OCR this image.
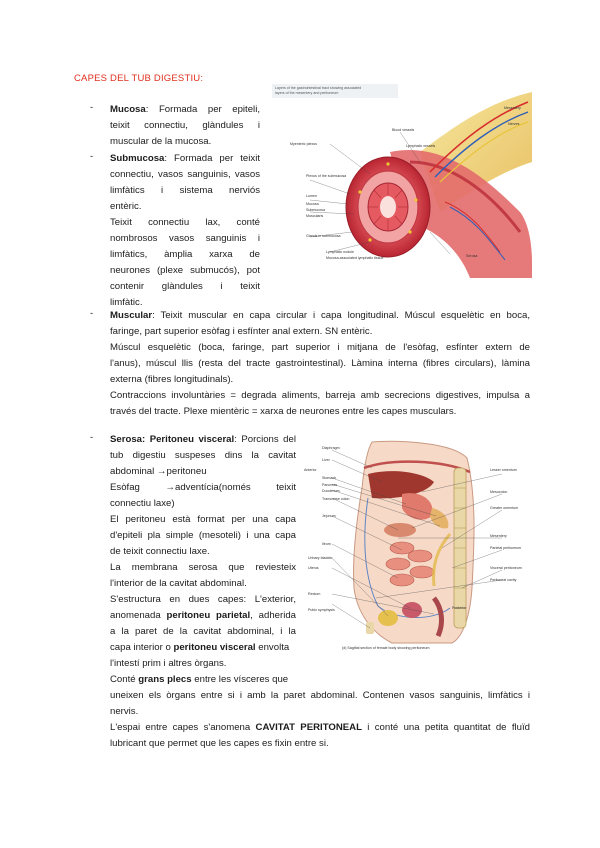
CAPES DEL TUB DIGESTIU:
- Mucosa: Formada per epiteli,
teixit connectiu, glàndules i
muscular de la mucosa.
- Submucosa: Formada per teixit
connectiu, vasos sanguinis, vasos
limfàtics i sistema nerviós
entèric.
Teixit connectiu lax, conté
nombrosos vasos sanguinis i
limfàtics, àmplia xarxa de
neurones (plexe submucós), pot
contenir glàndules i teixit
limfàtic.
Layers of the gastrointestinal tract showing associated
layers of the mesentery and peritoneum
Mesentery
Blood vessels
Nerves
Lymphatic vessels
Mucosa
Submucosa
Muscularis
Serosa
Plexus of the submucosa
Myenteric plexus
Lumen
Glands in submucosa
Lymphatic nodule
Mucosa-associated lymphatic tissue
- Muscular: Teixit muscular en capa circular i capa longitudinal. Múscul esquelètic en boca,
faringe, part superior esòfag i esfínter anal extern. SN entèric.
Múscul esquelètic (boca, faringe, part superior i mitjana de l'esòfag, esfínter extern de
l'anus), múscul llis (resta del tracte gastrointestinal). Làmina interna (fibres circulars), làmina
externa (fibres longitudinals).
Contraccions involuntàries = degrada aliments, barreja amb secrecions digestives, impulsa a
través del tracte. Plexe mientèric = xarxa de neurones entre les capes musculars.
- Serosa: Peritoneu visceral: Porcions del
tub digestiu suspeses dins la cavitat
abdominal →peritoneu
Esòfag →adventícia(només teixit
connectiu laxe)
El peritoneu està format per una capa
d'epiteli pla simple (mesoteli) i una capa
de teixit connectiu laxe.
La membrana serosa que reviesteix
l'interior de la cavitat abdominal.
S'estructura en dues capes: L'exterior,
anomenada peritoneu parietal, adherida
a la paret de la cavitat abdominal, i la
capa interior o peritoneu visceral envolta
l'intestí prim i altres òrgans.
Conté grans plecs entre les vísceres que
uneixen els òrgans entre si i amb la paret abdominal. Contenen vasos sanguinis, limfàtics i
nervis.
L'espai entre capes s'anomena CAVITAT PERITONEAL i conté una petita quantitat de fluïd
lubricant que permet que les capes es fixin entre si.
Diaphragm
Liver
Stomach
Pancreas
Duodenum
Transverse colon
Jejunum
Ileum
Urinary bladder
Uterus
Rectum
Lesser omentum
Mesocolon
Greater omentum
Mesentery
Parietal peritoneum
Visceral peritoneum
Peritoneal cavity
Pubic symphysis
Anterior
Posterior
(d) Sagittal section of female body showing peritoneum
